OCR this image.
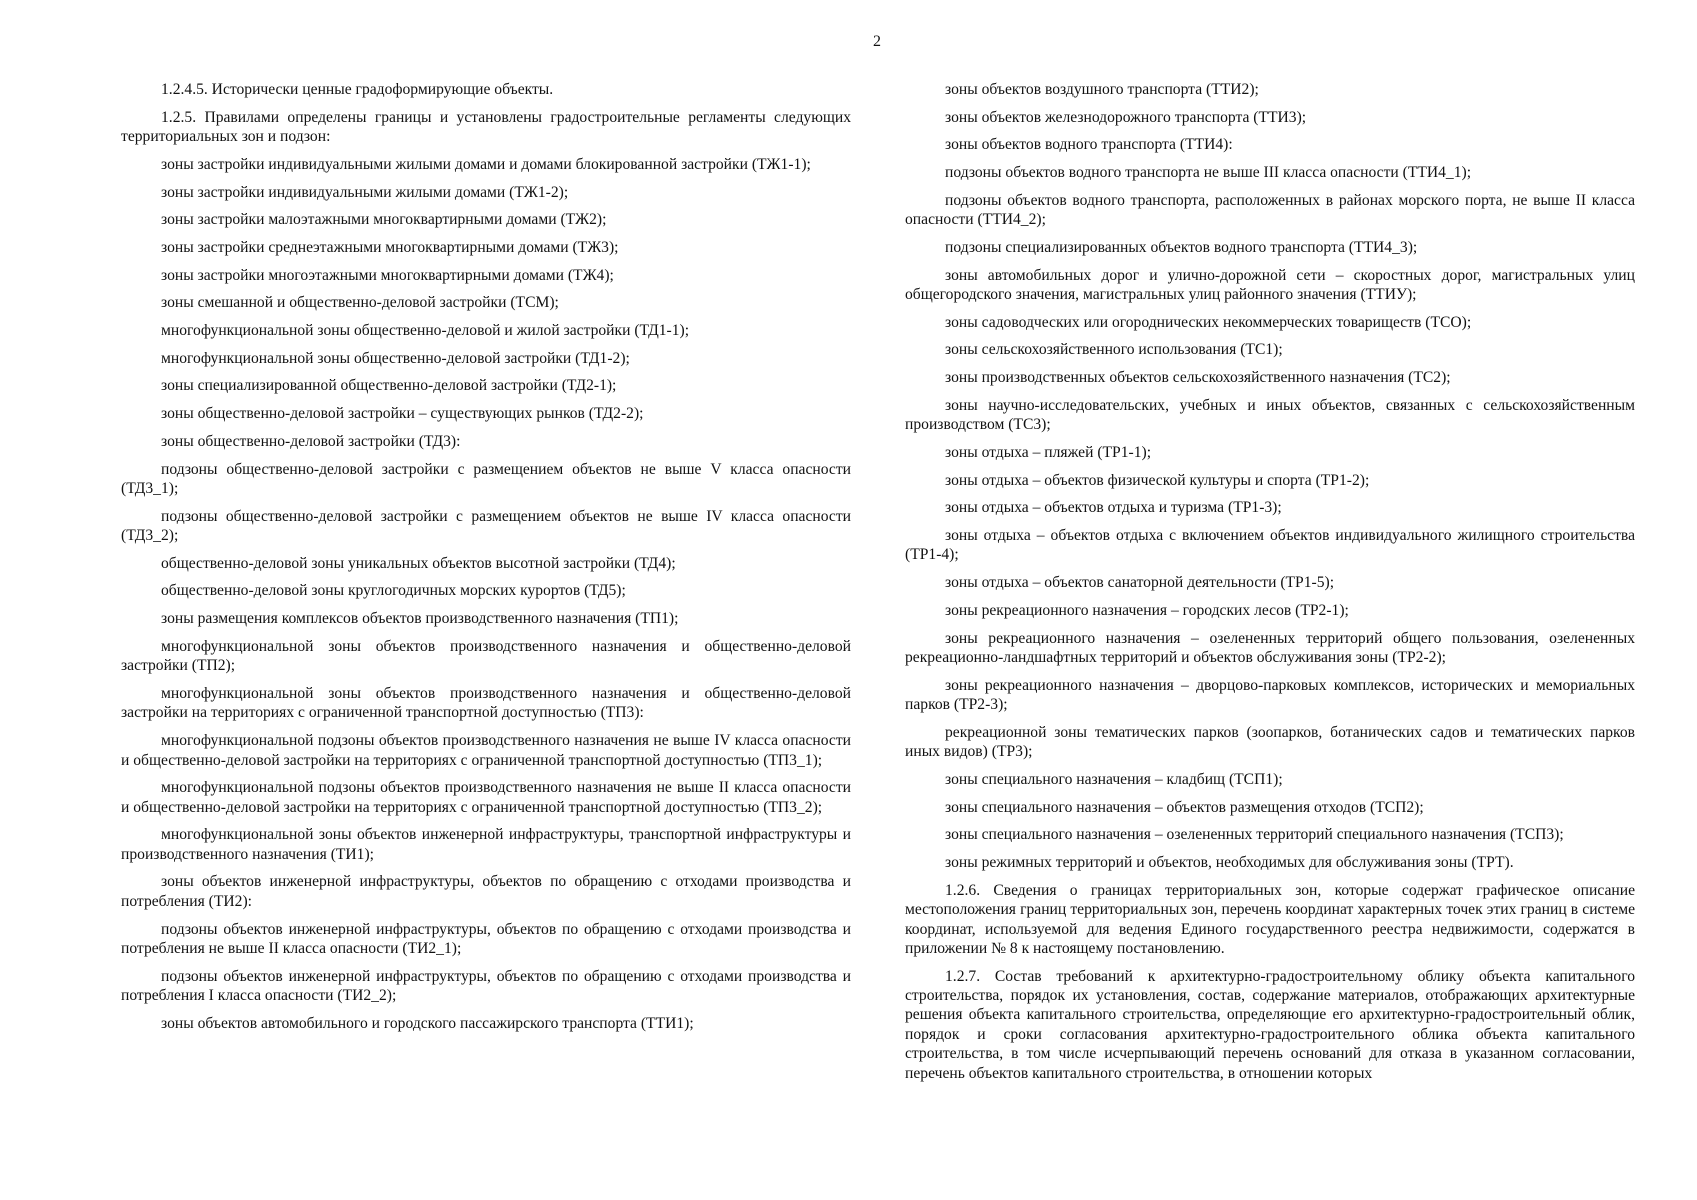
2

1.2.4.5. Исторически ценные градоформирующие объекты.

1.2.5. Правилами определены границы и установлены градостроительные регламенты следующих территориальных зон и подзон:

зоны застройки индивидуальными жилыми домами и домами блокированной застройки (ТЖ1-1);

зоны застройки индивидуальными жилыми домами (ТЖ1-2);

зоны застройки малоэтажными многоквартирными домами (ТЖ2);

зоны застройки среднеэтажными многоквартирными домами (ТЖ3);

зоны застройки многоэтажными многоквартирными домами (ТЖ4);

зоны смешанной и общественно-деловой застройки (ТСМ);

многофункциональной зоны общественно-деловой и жилой застройки (ТД1-1);

многофункциональной зоны общественно-деловой застройки (ТД1-2);

зоны специализированной общественно-деловой застройки (ТД2-1);

зоны общественно-деловой застройки – существующих рынков (ТД2-2);

зоны общественно-деловой застройки (ТД3):

подзоны общественно-деловой застройки с размещением объектов не выше V класса опасности (ТД3_1);

подзоны общественно-деловой застройки с размещением объектов не выше IV класса опасности (ТД3_2);

общественно-деловой зоны уникальных объектов высотной застройки (ТД4);

общественно-деловой зоны круглогодичных морских курортов (ТД5);

зоны размещения комплексов объектов производственного назначения (ТП1);

многофункциональной зоны объектов производственного назначения и общественно-деловой застройки (ТП2);

многофункциональной зоны объектов производственного назначения и общественно-деловой застройки на территориях с ограниченной транспортной доступностью (ТП3):

многофункциональной подзоны объектов производственного назначения не выше IV класса опасности и общественно-деловой застройки на территориях с ограниченной транспортной доступностью (ТП3_1);

многофункциональной подзоны объектов производственного назначения не выше II класса опасности и общественно-деловой застройки на территориях с ограниченной транспортной доступностью (ТП3_2);

многофункциональной зоны объектов инженерной инфраструктуры, транспортной инфраструктуры и производственного назначения (ТИ1);

зоны объектов инженерной инфраструктуры, объектов по обращению с отходами производства и потребления (ТИ2):

подзоны объектов инженерной инфраструктуры, объектов по обращению с отходами производства и потребления не выше II класса опасности (ТИ2_1);

подзоны объектов инженерной инфраструктуры, объектов по обращению с отходами производства и потребления I класса опасности (ТИ2_2);

зоны объектов автомобильного и городского пассажирского транспорта (ТТИ1);

зоны объектов воздушного транспорта (ТТИ2);

зоны объектов железнодорожного транспорта (ТТИ3);

зоны объектов водного транспорта (ТТИ4):

подзоны объектов водного транспорта не выше III класса опасности (ТТИ4_1);

подзоны объектов водного транспорта, расположенных в районах морского порта, не выше II класса опасности (ТТИ4_2);

подзоны специализированных объектов водного транспорта (ТТИ4_3);

зоны автомобильных дорог и улично-дорожной сети – скоростных дорог, магистральных улиц общегородского значения, магистральных улиц районного значения (ТТИУ);

зоны садоводческих или огороднических некоммерческих товариществ (ТСО);

зоны сельскохозяйственного использования (ТС1);

зоны производственных объектов сельскохозяйственного назначения (ТС2);

зоны научно-исследовательских, учебных и иных объектов, связанных с сельскохозяйственным производством (ТС3);

зоны отдыха – пляжей (ТР1-1);

зоны отдыха – объектов физической культуры и спорта (ТР1-2);

зоны отдыха – объектов отдыха и туризма (ТР1-3);

зоны отдыха – объектов отдыха с включением объектов индивидуального жилищного строительства (ТР1-4);

зоны отдыха – объектов санаторной деятельности (ТР1-5);

зоны рекреационного назначения – городских лесов (ТР2-1);

зоны рекреационного назначения – озелененных территорий общего пользования, озелененных рекреационно-ландшафтных территорий и объектов обслуживания зоны (ТР2-2);

зоны рекреационного назначения – дворцово-парковых комплексов, исторических и мемориальных парков (ТР2-3);

рекреационной зоны тематических парков (зоопарков, ботанических садов и тематических парков иных видов) (ТР3);

зоны специального назначения – кладбищ (ТСП1);

зоны специального назначения – объектов размещения отходов (ТСП2);

зоны специального назначения – озелененных территорий специального назначения (ТСП3);

зоны режимных территорий и объектов, необходимых для обслуживания зоны (ТРТ).

1.2.6. Сведения о границах территориальных зон, которые содержат графическое описание местоположения границ территориальных зон, перечень координат характерных точек этих границ в системе координат, используемой для ведения Единого государственного реестра недвижимости, содержатся в приложении № 8 к настоящему постановлению.

1.2.7. Состав требований к архитектурно-градостроительному облику объекта капитального строительства, порядок их установления, состав, содержание материалов, отображающих архитектурные решения объекта капитального строительства, определяющие его архитектурно-градостроительный облик, порядок и сроки согласования архитектурно-градостроительного облика объекта капитального строительства, в том числе исчерпывающий перечень оснований для отказа в указанном согласовании, перечень объектов капитального строительства, в отношении которых
